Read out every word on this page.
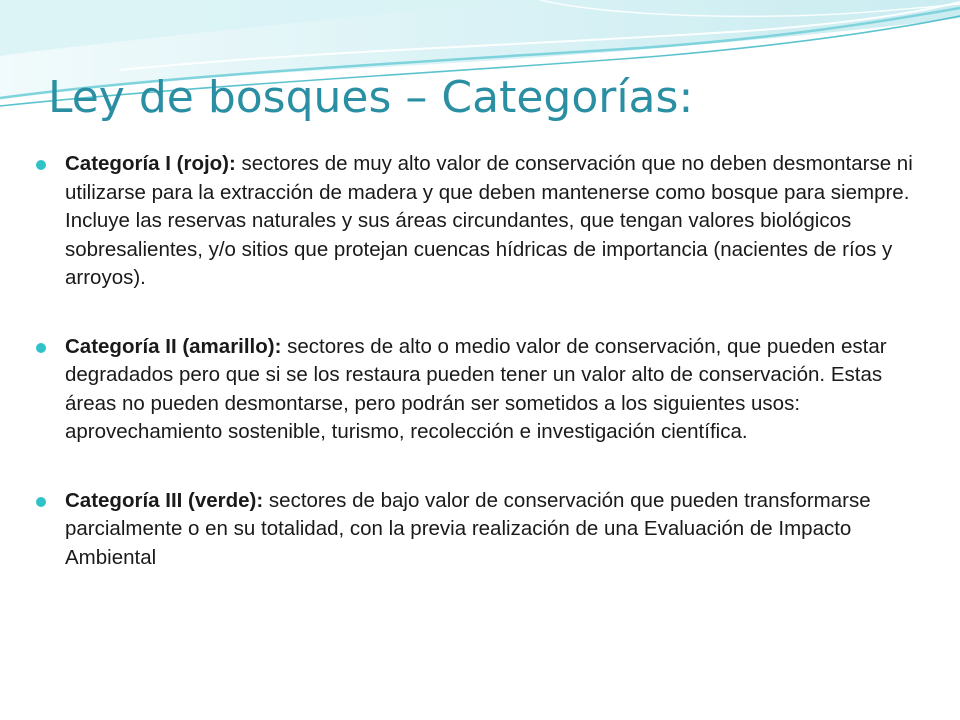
Ley de bosques – Categorías:
Categoría I (rojo): sectores de muy alto valor de conservación que no deben desmontarse ni utilizarse para la extracción de madera y que deben mantenerse como bosque para siempre. Incluye las reservas naturales y sus áreas circundantes, que tengan valores biológicos sobresalientes, y/o sitios que protejan cuencas hídricas de importancia (nacientes de ríos y arroyos).
Categoría II (amarillo): sectores de alto o medio valor de conservación, que pueden estar degradados pero que si se los restaura pueden tener un valor alto de conservación. Estas áreas no pueden desmontarse, pero podrán ser sometidos a los siguientes usos: aprovechamiento sostenible, turismo, recolección e investigación científica.
Categoría III (verde): sectores de bajo valor de conservación que pueden transformarse parcialmente o en su totalidad, con la previa realización de una Evaluación de Impacto Ambiental
